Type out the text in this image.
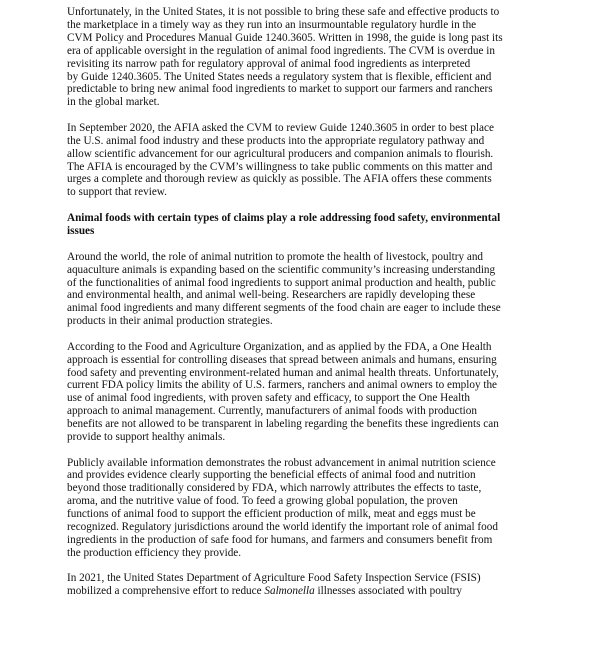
Unfortunately, in the United States, it is not possible to bring these safe and effective products to
the marketplace in a timely way as they run into an insurmountable regulatory hurdle in the
CVM Policy and Procedures Manual Guide 1240.3605. Written in 1998, the guide is long past its
era of applicable oversight in the regulation of animal food ingredients. The CVM is overdue in
revisiting its narrow path for regulatory approval of animal food ingredients as interpreted
by Guide 1240.3605. The United States needs a regulatory system that is flexible, efficient and
predictable to bring new animal food ingredients to market to support our farmers and ranchers
in the global market.
In September 2020, the AFIA asked the CVM to review Guide 1240.3605 in order to best place
the U.S. animal food industry and these products into the appropriate regulatory pathway and
allow scientific advancement for our agricultural producers and companion animals to flourish.
The AFIA is encouraged by the CVM’s willingness to take public comments on this matter and
urges a complete and thorough review as quickly as possible. The AFIA offers these comments
to support that review.
Animal foods with certain types of claims play a role addressing food safety, environmental
issues
Around the world, the role of animal nutrition to promote the health of livestock, poultry and
aquaculture animals is expanding based on the scientific community’s increasing understanding
of the functionalities of animal food ingredients to support animal production and health, public
and environmental health, and animal well-being. Researchers are rapidly developing these
animal food ingredients and many different segments of the food chain are eager to include these
products in their animal production strategies.
According to the Food and Agriculture Organization, and as applied by the FDA, a One Health
approach is essential for controlling diseases that spread between animals and humans, ensuring
food safety and preventing environment-related human and animal health threats. Unfortunately,
current FDA policy limits the ability of U.S. farmers, ranchers and animal owners to employ the
use of animal food ingredients, with proven safety and efficacy, to support the One Health
approach to animal management. Currently, manufacturers of animal foods with production
benefits are not allowed to be transparent in labeling regarding the benefits these ingredients can
provide to support healthy animals.
Publicly available information demonstrates the robust advancement in animal nutrition science
and provides evidence clearly supporting the beneficial effects of animal food and nutrition
beyond those traditionally considered by FDA, which narrowly attributes the effects to taste,
aroma, and the nutritive value of food. To feed a growing global population, the proven
functions of animal food to support the efficient production of milk, meat and eggs must be
recognized. Regulatory jurisdictions around the world identify the important role of animal food
ingredients in the production of safe food for humans, and farmers and consumers benefit from
the production efficiency they provide.
In 2021, the United States Department of Agriculture Food Safety Inspection Service (FSIS)
mobilized a comprehensive effort to reduce Salmonella illnesses associated with poultry
